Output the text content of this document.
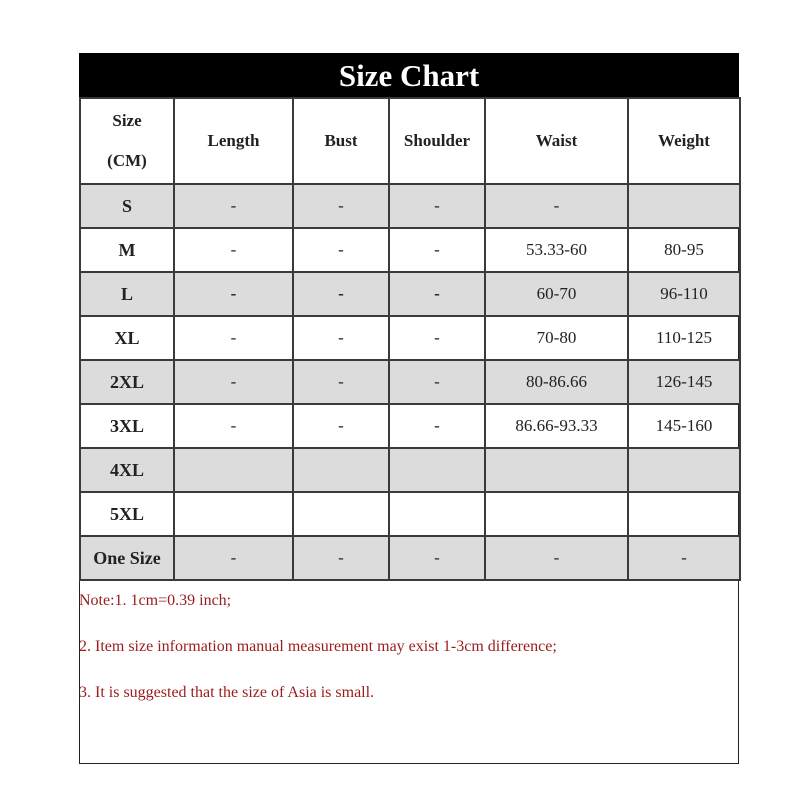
Size Chart
Size
(CM)	Length	Bust	Shoulder	Waist	Weight
S	-	-	-	-	
M	-	-	-	53.33-60	80-95
L	-	-	-	60-70	96-110
XL	-	-	-	70-80	110-125
2XL	-	-	-	80-86.66	126-145
3XL	-	-	-	86.66-93.33	145-160
4XL					
5XL					
One Size	-	-	-	-	-
Note:1. 1cm=0.39 inch;
2. Item size information manual measurement may exist 1-3cm difference;
3. It is suggested that the size of Asia is small.
